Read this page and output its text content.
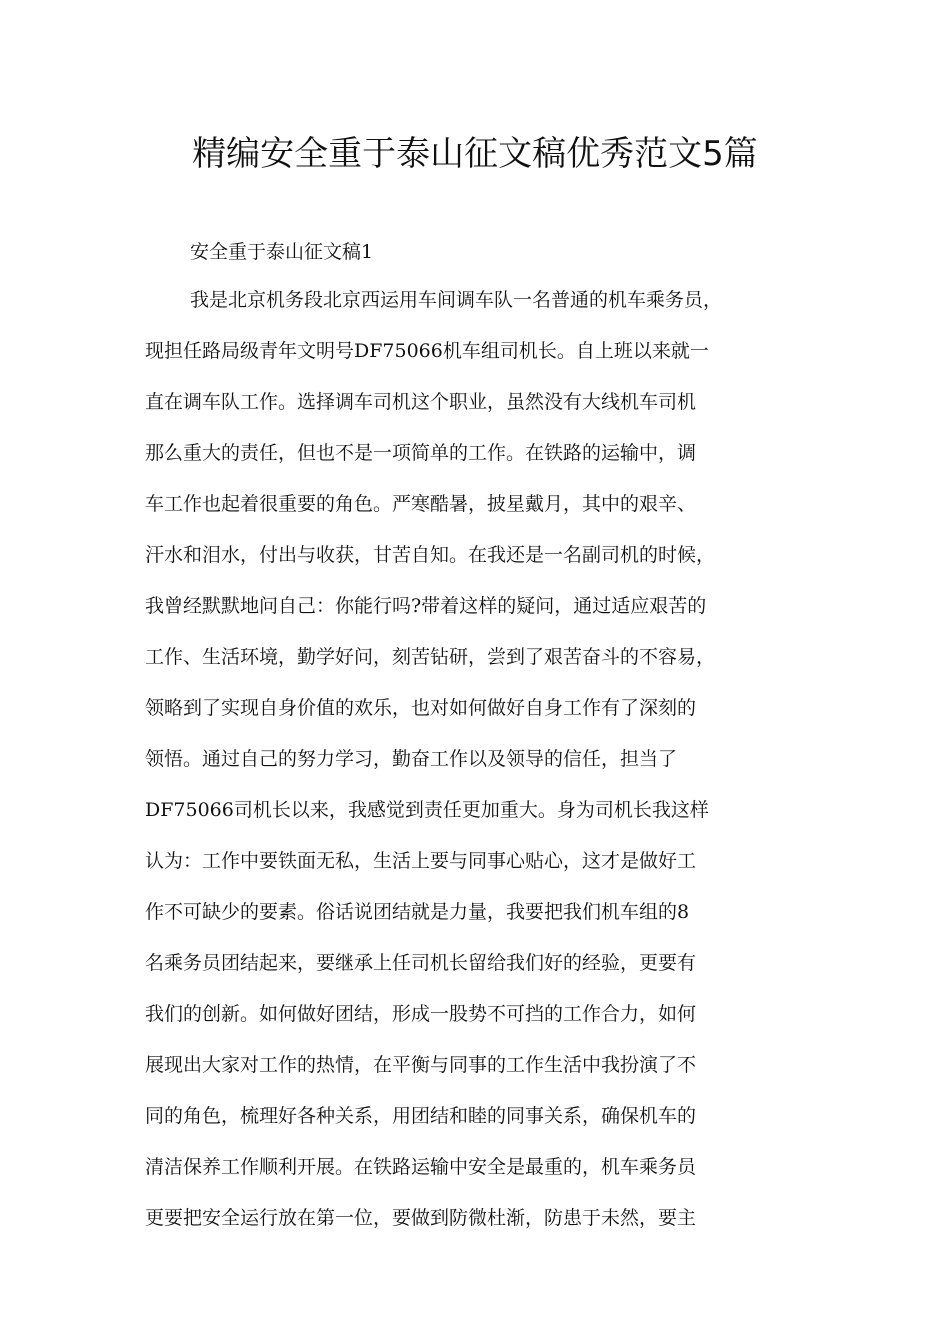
精编安全重于泰山征文稿优秀范文5篇

安全重于泰山征文稿1

我是北京机务段北京西运用车间调车队一名普通的机车乘务员，
现担任路局级青年文明号DF75066机车组司机长。自上班以来就一
直在调车队工作。选择调车司机这个职业，虽然没有大线机车司机
那么重大的责任，但也不是一项简单的工作。在铁路的运输中，调
车工作也起着很重要的角色。严寒酷暑，披星戴月，其中的艰辛、
汗水和泪水，付出与收获，甘苦自知。在我还是一名副司机的时候，
我曾经默默地问自己：你能行吗?带着这样的疑问，通过适应艰苦的
工作、生活环境，勤学好问，刻苦钻研，尝到了艰苦奋斗的不容易，
领略到了实现自身价值的欢乐，也对如何做好自身工作有了深刻的
领悟。通过自己的努力学习，勤奋工作以及领导的信任，担当了
DF75066司机长以来，我感觉到责任更加重大。身为司机长我这样
认为：工作中要铁面无私，生活上要与同事心贴心，这才是做好工
作不可缺少的要素。俗话说团结就是力量，我要把我们机车组的8
名乘务员团结起来，要继承上任司机长留给我们好的经验，更要有
我们的创新。如何做好团结，形成一股势不可挡的工作合力，如何
展现出大家对工作的热情，在平衡与同事的工作生活中我扮演了不
同的角色，梳理好各种关系，用团结和睦的同事关系，确保机车的
清洁保养工作顺利开展。在铁路运输中安全是最重的，机车乘务员
更要把安全运行放在第一位，要做到防微杜渐，防患于未然，要主
